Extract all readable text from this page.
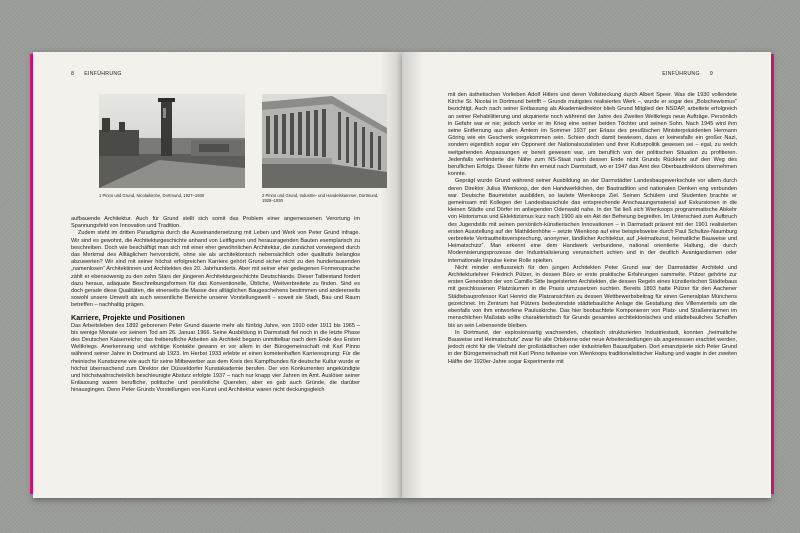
8 EINFÜHRUNG
1 Pinno und Grund, Nicolaikirche, Dortmund, 1927–1930	2 Pinno und Grund, Industrie- und Handelskammer, Dortmund, 1928–1930

aufbauende Architektur. Auch für Grund stellt sich somit das Problem einer angemessenen Verortung im Spannungsfeld von Innovation und Tradition.

Zudem steht im dritten Paradigma durch die Auseinandersetzung mit Leben und Werk von Peter Grund infrage. Wir sind es gewohnt, die Architekturgeschichte anhand von Leitfiguren und herausragenden Bauten exemplarisch zu beschreiben. Doch wie beschäftigt man sich mit einer eher gewöhnlichen Architektur, die zunächst vorwiegend durch das Merkmal des Alltäglichen hervorsticht, ohne sie als architektonisch nebensächlich oder qualitativ belanglos abzuwerten? Wir sind mit seiner höchst erfolgreichen Karriere gehört Grund sicher nicht zu den hundertausenden „namenlosen“ Architektinnen und Architekten des 20. Jahrhunderts. Aber mit seiner eher gediegenen Formensprache zählt er ebensowenig zu den zehn Stars der jüngeren Architekturgeschichte Deutschlands. Dieser Tatbestand fordert dazu heraus, adäquate Beschreibungsformen für das Konventionelle, Übliche, Weitverbreitete zu finden. Sind es doch gerade diese Qualitäten, die einerseits die Masse des alltäglichen Baugeschehens bestimmen und andererseits sowohl unsere Umwelt als auch wesentliche Bereiche unserer Vorstellungswelt – soweit sie Stadt, Bau und Raum betreffen – nachhaltig prägen.

Karriere, Projekte und Positionen

Das Arbeitsleben des 1892 geborenen Peter Grund dauerte mehr als fünfzig Jahre, von 1910 oder 1911 bis 1965 – bis wenige Monate vor seinem Tod am 26. Januar 1966. Seine Ausbildung in Darmstadt fiel noch in die letzte Phase des Deutschen Kaiserreichs; das freiberufliche Arbeiten als Architekt begann unmittelbar nach dem Ende des Ersten Weltkriegs. Anerkennung und wichtige Kontakte gewann er vor allem in der Bürogemeinschaft mit Karl Pinno während seiner Jahre in Dortmund ab 1923. Im Herbst 1933 erlebte er einen kometenhaften Karrieresprung: Für die rheinische Kunstszene wie auch für seine Mitbewerber aus dem Kreis des Kampfbundes für deutsche Kultur wurde er höchst überraschend zum Direktor der Düsseldorfer Kunstakademie berufen. Der von Konkurrenten angekündigte und höchstwahrscheinlich beschleunigte Absturz erfolgte 1937 – nach nur knapp vier Jahren im Amt. Auslöser seiner Entlassung waren berufliche, politische und persönliche Querelen, aber es gab auch Gründe, die darüber hinausgingen. Denn Peter Grunds Vorstellungen von Kunst und Architektur waren nicht deckungsgleich

EINFÜHRUNG 9

mit den ästhetischen Vorlieben Adolf Hitlers und deren Vollstreckung durch Albert Speer. Was die 1930 vollendete Kirche St. Nicolai in Dortmund betrifft – Grunds mutigstes realisiertes Werk –, wurde er sogar des „Bolschewismus“ bezichtigt. Auch nach seiner Entlassung als Akademiedirektor blieb Grund Mitglied der NSDAP, arbeitete erfolgreich an seiner Rehabilitierung und akquirierte noch während der Jahre des Zweiten Weltkriegs neue Aufträge. Persönlich in Gefahr war er nie; jedoch verlor er im Krieg eine seiner beiden Töchter und seinen Sohn. Nach 1945 wird ihm seine Entfernung aus allen Ämtern im Sommer 1937 per Erlass des preußischen Ministerpräsidenten Hermann Göring wie ein Geschenk vorgekommen sein. Schien doch damit bewiesen, dass er keinesfalls ein großer Nazi, sondern eigentlich sogar ein Opponent der Nationalsozialisten und ihrer Kulturpolitik gewesen sei – egal, zu welch weitgehenden Anpassungen er bereit gewesen war, um beruflich von der politischen Situation zu profitieren. Jedenfalls verhinderte die Nähe zum NS-Staat nach dessen Ende nicht Grunds Rückkehr auf den Weg des beruflichen Erfolgs. Dieser führte ihn erneut nach Darmstadt, wo er 1947 das Amt des Oberbaudirektors übernehmen konnte.

Geprägt wurde Grund während seiner Ausbildung an der Darmstädter Landesbaugewerkschule vor allem durch deren Direktor Julius Wienkoop, der den Handwerklichen, der Bautradition und nationalen Denken eng verbunden war. Deutsche Baumeister ausbilden, so lautete Wienkoops Ziel. Seinen Schülern und Studenten brachte er gemeinsam mit Kollegen der Landesbauschule das entsprechende Anschauungsmaterial auf Exkursionen in die kleinen Städte und Dörfer im anliegenden Odenwald nahe. In der Tat ließ sich Wienkoops programmatische Abkehr von Historismus und Eklektizismus kurz nach 1900 als ein Akt der Befreiung begreifen. Im Unterschied zum Aufbruch des Jugendstils mit seinen persönlich-künstlerischen Innovationen – in Darmstadt präsent mit der 1901 realisierten ersten Ausstellung auf der Mathildenhöhe – setzte Wienkoop auf eine beispielsweise durch Paul Schultze-Naumburg verbreitete Vertrautheitsversprechung, anonymer, ländlicher Architektur, auf „Heimatkunst, heimatliche Bauweise und Heimatschutz“. Man erkennt eine dem Handwerk verbundene, national orientierte Haltung, die durch Modernisierungsprozesse der Industrialisierung verunsichert schien und in der deutlich Avantgardismen oder internationale Impulse keine Rolle spielten.

Nicht minder einflussreich für den jungen Architekten Peter Grund war der Darmstädter Architekt und Architekturlehrer Friedrich Pützer, in dessen Büro er erste praktische Erfahrungen sammelte. Pützer gehörte zur ersten Generation der von Camillo Sitte begeisterten Architekten, die dessen Regeln eines künstlerischen Städtebaus mit geschlossenen Platzräumen in die Praxis umzusetzen suchten. Bereits 1893 hatte Pützer für den Aachener Städtebauprofessor Karl Henrici die Platzansichten zu dessen Wettbewerbsbeitrag für einen Generalplan Münchens gezeichnet. Im Zentrum hat Pützers bedeutendste städtebauliche Anlage die Gestaltung des Villenviertels um die ebenfalls von ihm entworfene Pauluskirche. Das hier beobachtete Komponieren von Platz- und Straßenräumen im menschlichen Maßstab sollte charakteristisch für Grunds gesamtes architektonisches und städtebauliches Schaffen bis an sein Lebensende bleiben.

In Dortmund, der explosionsartig wachsenden, chaotisch strukturierten Industriestadt, konnten „heimatliche Bauweise und Heimatschutz“ zwar für alte Ortskerne oder neue Arbeitersiedlungen als angemessen erachtet werden, jedoch nicht für die Vielzahl der großstädtischen oder industriellen Bauaufgaben. Dort emanzipierte sich Peter Grund in der Bürogemeinschaft mit Karl Pinno teilweise von Wienkoops traditionalistischer Haltung und wagte in der zweiten Hälfte der 1920er-Jahre sogar Experimente mit
